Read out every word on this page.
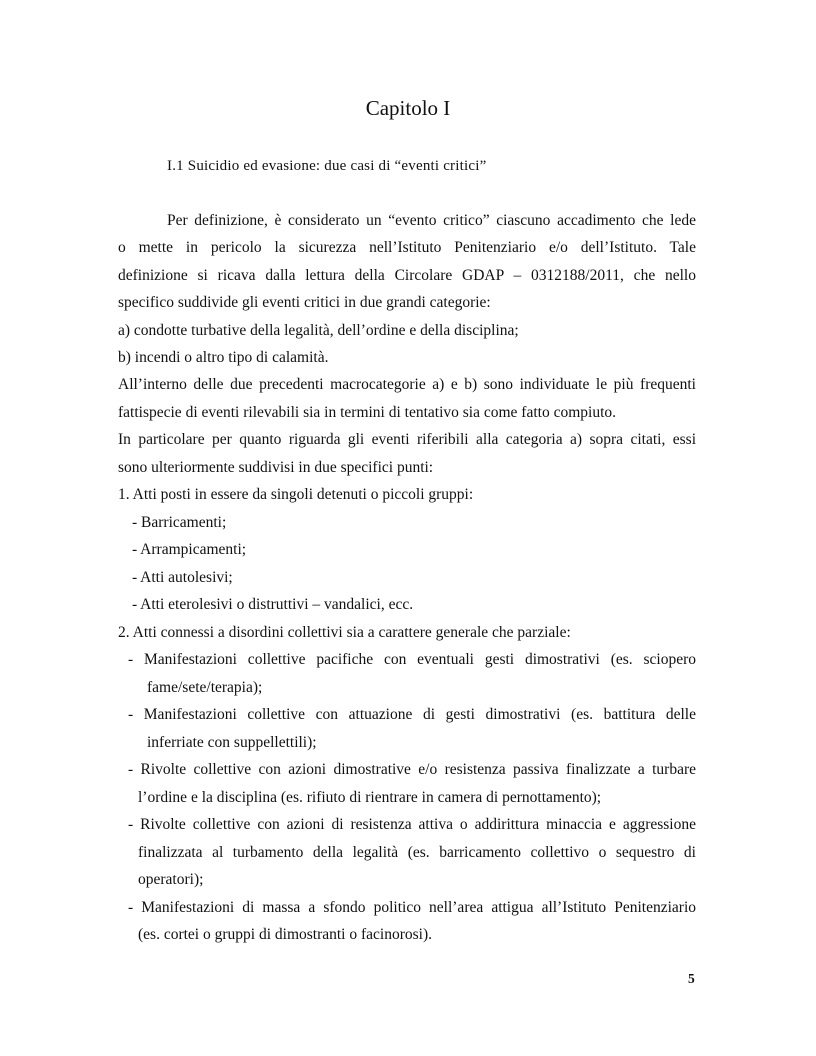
Capitolo I
I.1 Suicidio ed evasione: due casi di “eventi critici”
Per definizione, è considerato un “evento critico” ciascuno accadimento che lede
o mette in pericolo la sicurezza nell’Istituto Penitenziario e/o dell’Istituto. Tale
definizione si ricava dalla lettura della Circolare GDAP – 0312188/2011, che nello
specifico suddivide gli eventi critici in due grandi categorie:
a) condotte turbative della legalità, dell’ordine e della disciplina;
b) incendi o altro tipo di calamità.
All’interno delle due precedenti macrocategorie a) e b) sono individuate le più frequenti
fattispecie di eventi rilevabili sia in termini di tentativo sia come fatto compiuto.
In particolare per quanto riguarda gli eventi riferibili alla categoria a) sopra citati, essi
sono ulteriormente suddivisi in due specifici punti:
1. Atti posti in essere da singoli detenuti o piccoli gruppi:
- Barricamenti;
- Arrampicamenti;
- Atti autolesivi;
- Atti eterolesivi o distruttivi – vandalici, ecc.
2. Atti connessi a disordini collettivi sia a carattere generale che parziale:
- Manifestazioni collettive pacifiche con eventuali gesti dimostrativi (es. sciopero
fame/sete/terapia);
- Manifestazioni collettive con attuazione di gesti dimostrativi (es. battitura delle
inferriate con suppellettili);
- Rivolte collettive con azioni dimostrative e/o resistenza passiva finalizzate a turbare
l’ordine e la disciplina (es. rifiuto di rientrare in camera di pernottamento);
- Rivolte collettive con azioni di resistenza attiva o addirittura minaccia e aggressione
finalizzata al turbamento della legalità (es. barricamento collettivo o sequestro di
operatori);
- Manifestazioni di massa a sfondo politico nell’area attigua all’Istituto Penitenziario
(es. cortei o gruppi di dimostranti o facinorosi).
5
